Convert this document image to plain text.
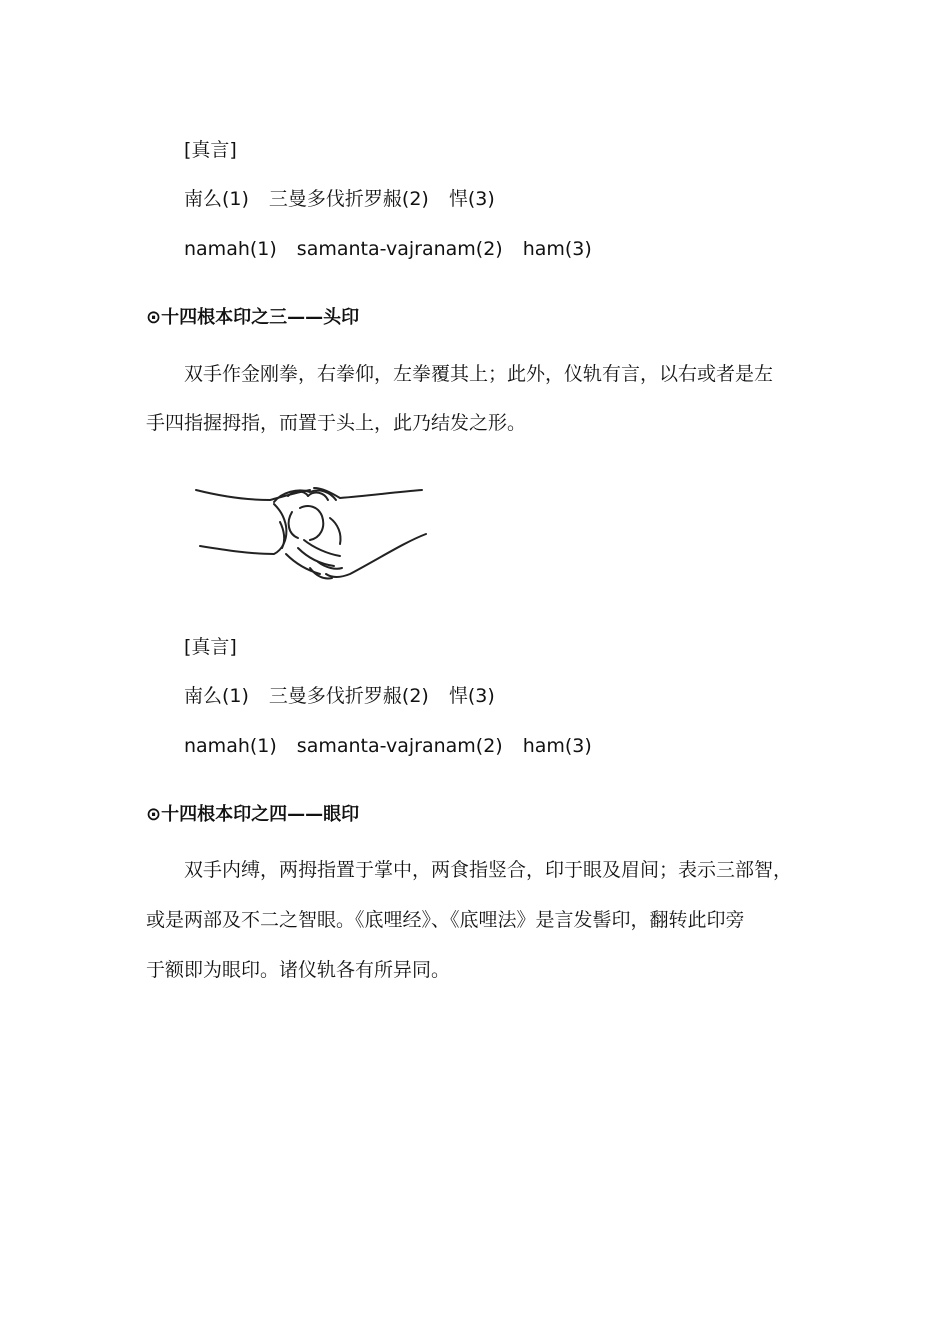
[真言]
南么(1) 三曼多伐折罗赧(2) 悍(3)
namah(1) samanta-vajranam(2) ham(3)
⊙十四根本印之三——头印
双手作金刚拳，右拳仰，左拳覆其上；此外，仪轨有言，以右或者是左
手四指握拇指，而置于头上，此乃结发之形。
[真言]
南么(1) 三曼多伐折罗赧(2) 悍(3)
namah(1) samanta-vajranam(2) ham(3)
⊙十四根本印之四——眼印
双手内缚，两拇指置于掌中，两食指竖合，印于眼及眉间；表示三部智，
或是两部及不二之智眼。《底哩经》、《底哩法》是言发髻印，翻转此印旁
于额即为眼印。诸仪轨各有所异同。
